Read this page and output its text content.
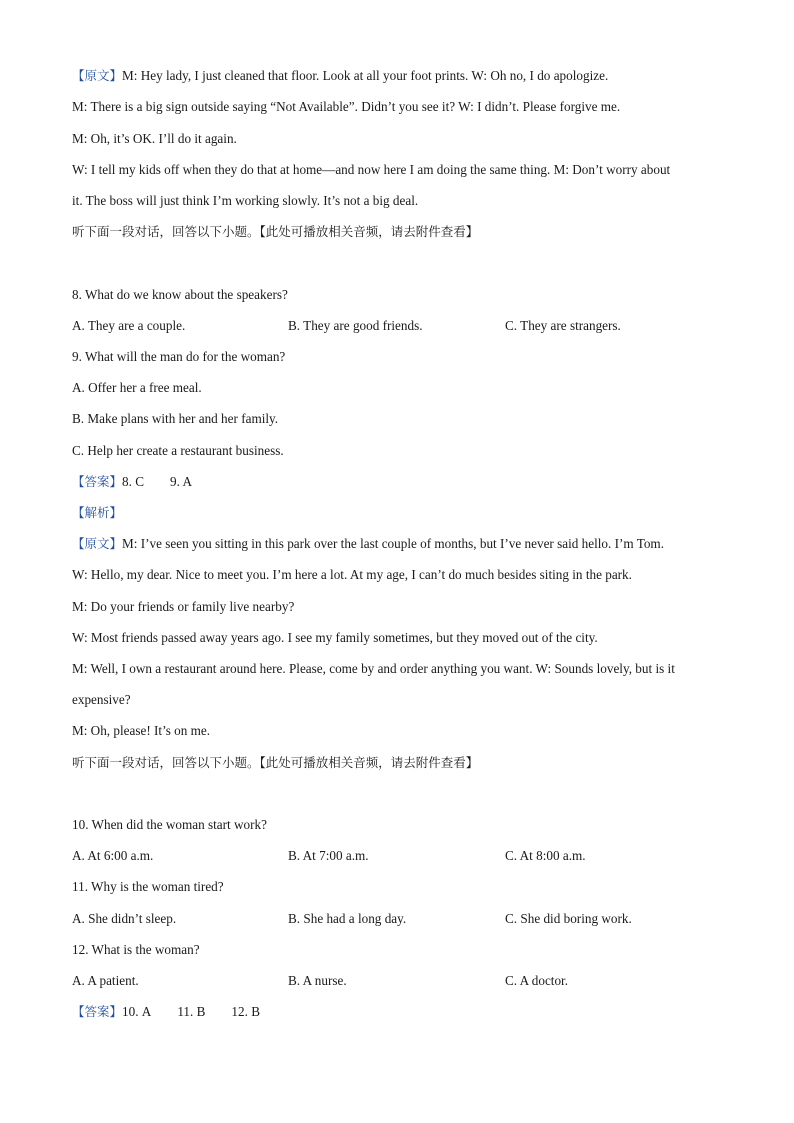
【原文】M: Hey lady, I just cleaned that floor. Look at all your foot prints. W: Oh no, I do apologize.
M: There is a big sign outside saying “Not Available”. Didn’t you see it? W: I didn’t. Please forgive me.
M: Oh, it’s OK. I’ll do it again.
W: I tell my kids off when they do that at home—and now here I am doing the same thing. M: Don’t worry about
it. The boss will just think I’m working slowly. It’s not a big deal.
听下面一段对话，回答以下小题。【此处可播放相关音频，请去附件查看】
8. What do we know about the speakers?
A. They are a couple.	B. They are good friends.	C. They are strangers.
9. What will the man do for the woman?
A. Offer her a free meal.
B. Make plans with her and her family.
C. Help her create a restaurant business.
【答案】8. C 9. A
【解析】
【原文】M: I’ve seen you sitting in this park over the last couple of months, but I’ve never said hello. I’m Tom.
W: Hello, my dear. Nice to meet you. I’m here a lot. At my age, I can’t do much besides siting in the park.
M: Do your friends or family live nearby?
W: Most friends passed away years ago. I see my family sometimes, but they moved out of the city.
M: Well, I own a restaurant around here. Please, come by and order anything you want. W: Sounds lovely, but is it
expensive?
M: Oh, please! It’s on me.
听下面一段对话，回答以下小题。【此处可播放相关音频，请去附件查看】
10. When did the woman start work?
A. At 6:00 a.m.	B. At 7:00 a.m.	C. At 8:00 a.m.
11. Why is the woman tired?
A. She didn’t sleep.	B. She had a long day.	C. She did boring work.
12. What is the woman?
A. A patient.	B. A nurse.	C. A doctor.
【答案】10. A 11. B 12. B
